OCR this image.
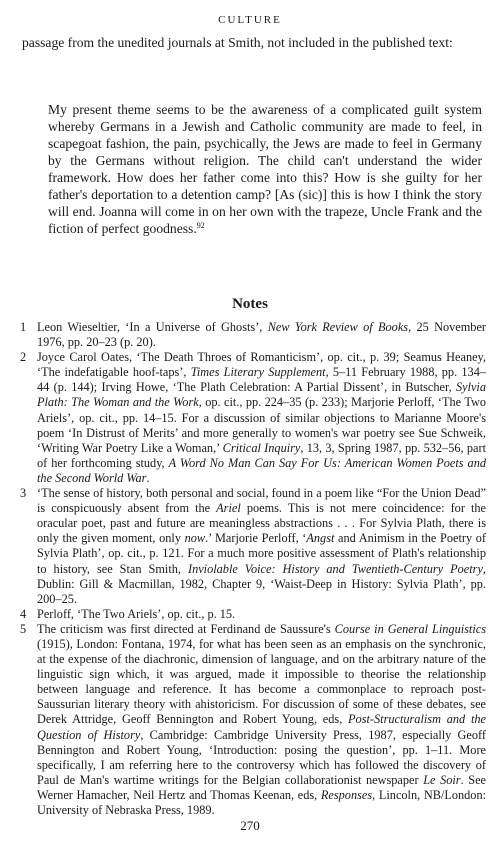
CULTURE

passage from the unedited journals at Smith, not included in the published text:

My present theme seems to be the awareness of a complicated guilt system whereby Germans in a Jewish and Catholic community are made to feel, in scapegoat fashion, the pain, psychically, the Jews are made to feel in Germany by the Germans without religion. The child can't understand the wider framework. How does her father come into this? How is she guilty for her father's deportation to a detention camp? [As (sic)] this is how I think the story will end. Joanna will come in on her own with the trapeze, Uncle Frank and the fiction of perfect goodness.$^{92}$

Notes
1 Leon Wieseltier, ‘In a Universe of Ghosts’, New York Review of Books, 25 November 1976, pp. 20–23 (p. 20).
2 Joyce Carol Oates, ‘The Death Throes of Romanticism’, op. cit., p. 39; Seamus Heaney, ‘The indefatigable hoof-taps’, Times Literary Supplement, 5–11 February 1988, pp. 134–44 (p. 144); Irving Howe, ‘The Plath Celebration: A Partial Dissent’, in Butscher, Sylvia Plath: The Woman and the Work, op. cit., pp. 224–35 (p. 233); Marjorie Perloff, ‘The Two Ariels’, op. cit., pp. 14–15. For a discussion of similar objections to Marianne Moore's poem ‘In Distrust of Merits’ and more generally to women's war poetry see Sue Schweik, ‘Writing War Poetry Like a Woman,’ Critical Inquiry, 13, 3, Spring 1987, pp. 532–56, part of her forthcoming study, A Word No Man Can Say For Us: American Women Poets and the Second World War.
3 ‘The sense of history, both personal and social, found in a poem like “For the Union Dead” is conspicuously absent from the Ariel poems. This is not mere coincidence: for the oracular poet, past and future are meaningless abstractions . . . For Sylvia Plath, there is only the given moment, only now.’ Marjorie Perloff, ‘Angst and Animism in the Poetry of Sylvia Plath’, op. cit., p. 121. For a much more positive assessment of Plath's relationship to history, see Stan Smith, Inviolable Voice: History and Twentieth-Century Poetry, Dublin: Gill & Macmillan, 1982, Chapter 9, ‘Waist-Deep in History: Sylvia Plath’, pp. 200–25.
4 Perloff, ‘The Two Ariels’, op. cit., p. 15.
5 The criticism was first directed at Ferdinand de Saussure's Course in General Linguistics (1915), London: Fontana, 1974, for what has been seen as an emphasis on the synchronic, at the expense of the diachronic, dimension of language, and on the arbitrary nature of the linguistic sign which, it was argued, made it impossible to theorise the relationship between language and reference. It has become a commonplace to reproach post-Saussurian literary theory with ahistoricism. For discussion of some of these debates, see Derek Attridge, Geoff Bennington and Robert Young, eds, Post-Structuralism and the Question of History, Cambridge: Cambridge University Press, 1987, especially Geoff Bennington and Robert Young, ‘Introduction: posing the question’, pp. 1–11. More specifically, I am referring here to the controversy which has followed the discovery of Paul de Man's wartime writings for the Belgian collaborationist newspaper Le Soir. See Werner Hamacher, Neil Hertz and Thomas Keenan, eds, Responses, Lincoln, NB/London: University of Nebraska Press, 1989.
270
